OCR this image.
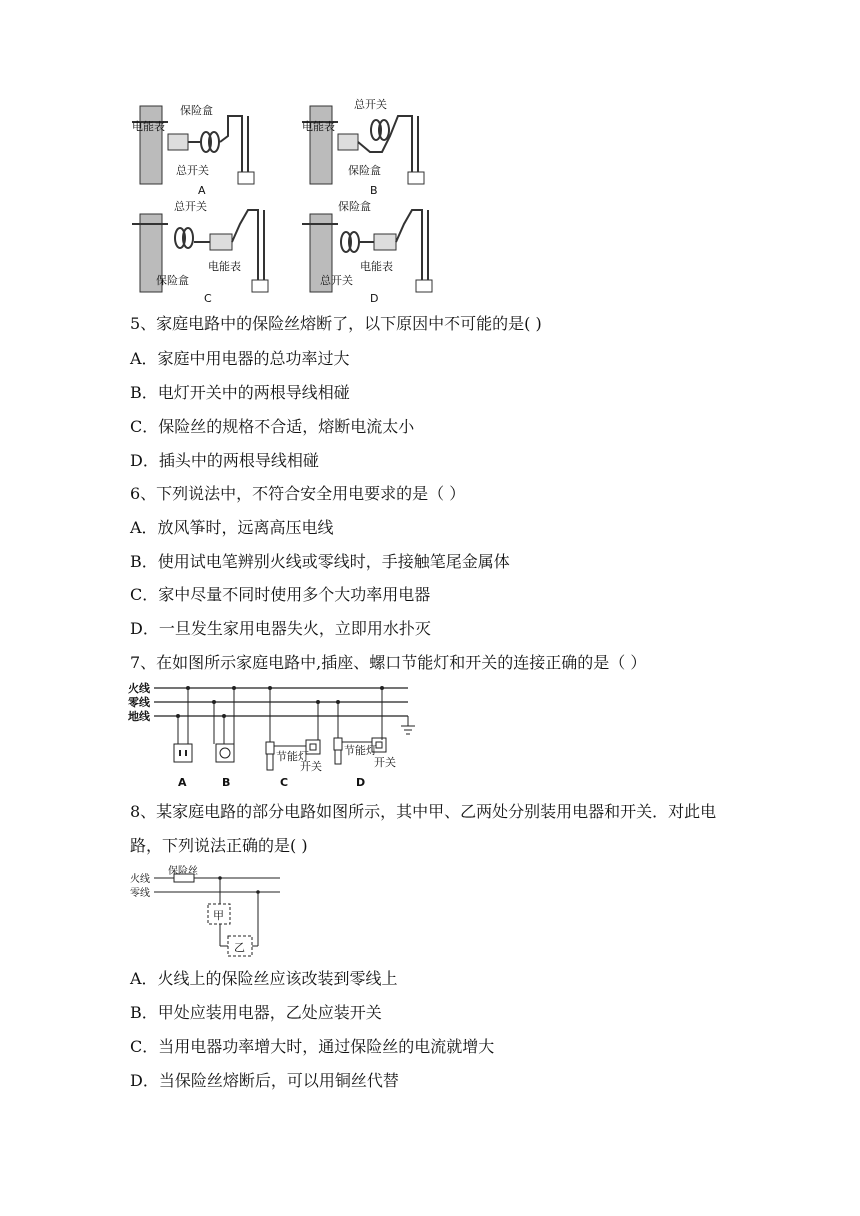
保险盒
电能表
总开关
A
总开关
电能表
保险盒
B
总开关
电能表
保险盒
C
保险盒
电能表
总开关
D
5、家庭电路中的保险丝熔断了，以下原因中不可能的是( )
A．家庭中用电器的总功率过大
B．电灯开关中的两根导线相碰
C．保险丝的规格不合适，熔断电流太小
D．插头中的两根导线相碰
6、下列说法中，不符合安全用电要求的是（ ）
A．放风筝时，远离高压电线
B．使用试电笔辨别火线或零线时，手接触笔尾金属体
C．家中尽量不同时使用多个大功率用电器
D．一旦发生家用电器失火，立即用水扑灭
7、在如图所示家庭电路中,插座、螺口节能灯和开关的连接正确的是（ ）
火线
零线
地线
节能灯
开关
节能灯
开关
A	B	C	D
8、某家庭电路的部分电路如图所示，其中甲、乙两处分别装用电器和开关．对此电路，下列说法正确的是( )
保险丝
火线
零线
甲
乙
A．火线上的保险丝应该改装到零线上
B．甲处应装用电器，乙处应装开关
C．当用电器功率增大时，通过保险丝的电流就增大
D．当保险丝熔断后，可以用铜丝代替
